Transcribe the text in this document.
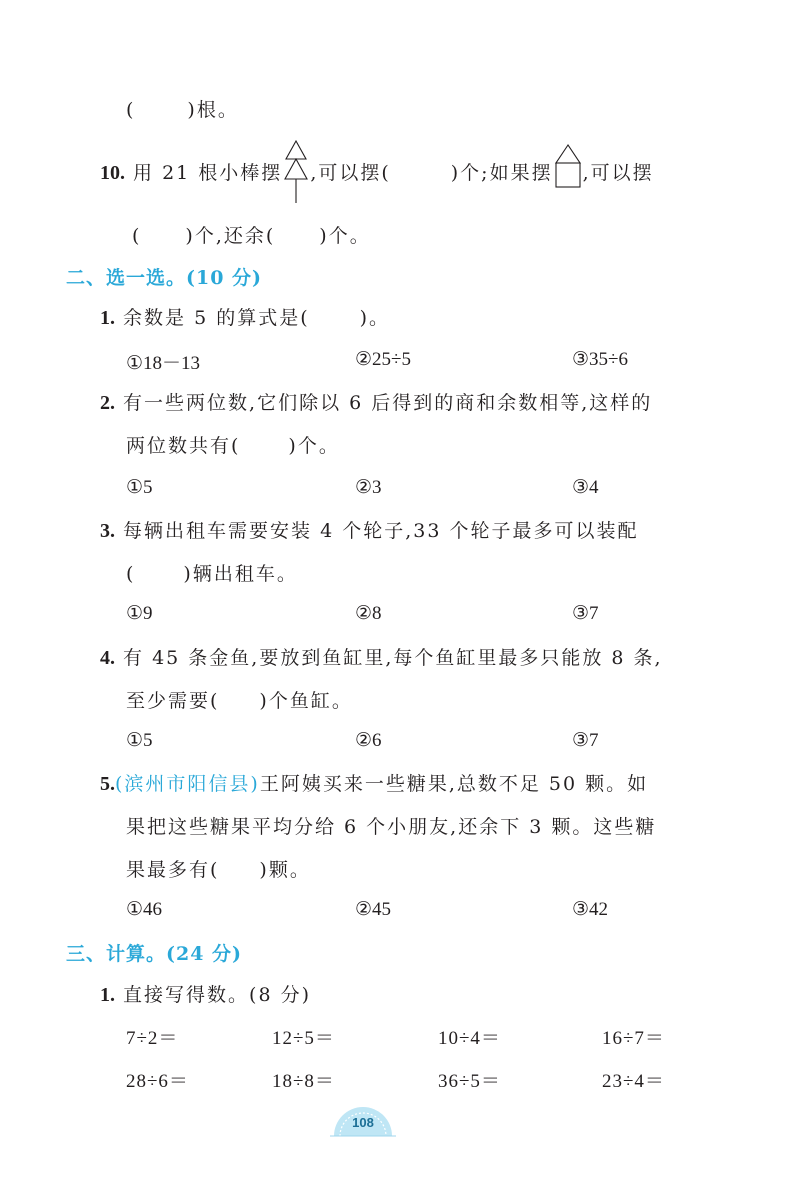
(	)根。
10. 用 21 根小棒摆 ,可以摆(	)个;如果摆 ,可以摆
( )个,还余( )个。
二、选一选。(10 分)
1. 余数是 5 的算式是(	)。
①18－13	②25÷5	③35÷6
2. 有一些两位数,它们除以 6 后得到的商和余数相等,这样的
两位数共有(	)个。
①5	②3	③4
3. 每辆出租车需要安装 4 个轮子,33 个轮子最多可以装配
(	)辆出租车。
①9	②8	③7
4. 有 45 条金鱼,要放到鱼缸里,每个鱼缸里最多只能放 8 条,
至少需要( )个鱼缸。
①5	②6	③7
5.(滨州市阳信县)王阿姨买来一些糖果,总数不足 50 颗。如
果把这些糖果平均分给 6 个小朋友,还余下 3 颗。这些糖
果最多有( )颗。
①46	②45	③42
三、计算。(24 分)
1. 直接写得数。(8 分)
7÷2＝	12÷5＝	10÷4＝	16÷7＝
28÷6＝	18÷8＝	36÷5＝	23÷4＝
108
